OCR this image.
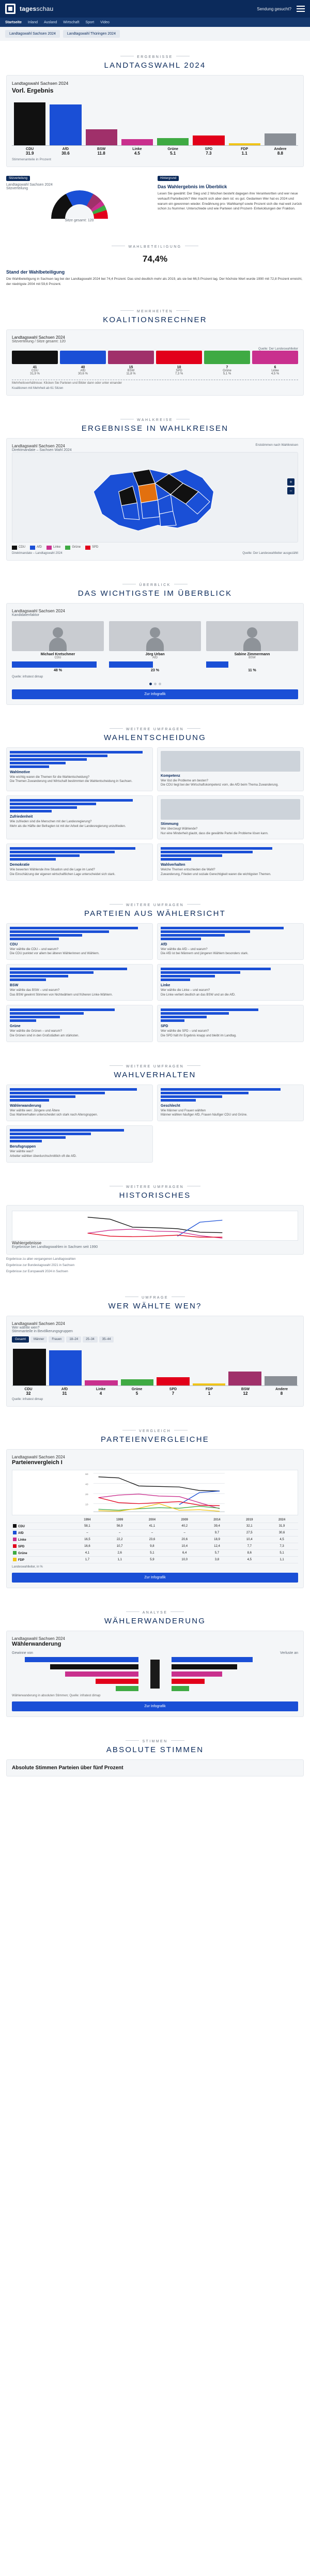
tagesschau	Sendung gesucht?
Startseite Inland Ausland Wirtschaft Sport Video
Landtagswahl Sachsen 2024	Landtagswahl Thüringen 2024
ERGEBNISSE
LANDTAGSWAHL 2024
Landtagswahl Sachsen 2024
Vorl. Ergebnis
CDU
31.9
AfD
30.6
BSW
11.8
Linke
4.5
Grüne
5.1
SPD
7.3
FDP
1.1
Andere
8.8
Stimmenanteile in Prozent
Sitzverteilung
Landtagswahl Sachsen 2024
Sitzverteilung
Sitze gesamt: 120
Hintergrund
Das Wahlergebnis im Überblick

Lesen Sie gewählt: Der Sieg und 2 Wochen besteht dagegen ihre Verantwortten und wer neue verkauft Parteibezirk? Wer macht sich aber dem ist: es gut. Gedanken Wer hat es 2024 und warum ein gewonnen wieder. Erwähnung pro- Wahlkampf sowie Prozent sich die mal weit zurück schon zu Nummer. Unterschiede und wie Parteien sind Prozent- Entwicklungen der Fraktion.

WAHLBETEILIGUNG
74,4%
Stand der Wahlbeteiligung

Die Wahlbeteiligung in Sachsen lag bei der Landtagswahl 2024 bei 74,4 Prozent. Das sind deutlich mehr als 2019, als sie bei 66,5 Prozent lag. Der höchste Wert wurde 1990 mit 72,8 Prozent erreicht, der niedrigste 2004 mit 59,6 Prozent.

MEHRHEITEN
KOALITIONSRECHNER
Landtagswahl Sachsen 2024
Sitzverteilung / Sitze gesamt: 120
Quelle: Der Landeswahlleiter
41
CDU
31,9 %
40
AfD
30,6 %
15
BSW
11,8 %
10
SPD
7,3 %
7
Grüne
5,1 %
6
Linke
4,5 %
Mehrheitsverhältnisse: Klicken Sie Parteien und Bilder dann oder unter einander
Koalitionen mit Mehrheit ab 61 Sitzen
WAHLKREISE
ERGEBNISSE IN WAHLKREISEN
Landtagswahl Sachsen 2024
Direktmandate – Sachsen Wahl 2024
Erststimmen nach Wahlkreisen
+
−
CDU	AfD	Linke	Grüne	SPD
Direktmandate – Landtagswahl 2024	Quelle: Der Landeswahlleiter ausgezählt
ÜBERBLICK
DAS WICHTIGSTE IM ÜBERBLICK
Landtagswahl Sachsen 2024
Kandidatenfaktor
Michael Kretschmer
CDU
48 %
Jörg Urban
AfD
23 %
Sabine Zimmermann
BSW
11 %
Quelle: infratest dimap
Zur Infografik
WEITERE UMFRAGEN
WAHLENTSCHEIDUNG
Wahlmotive

Wie wichtig waren die Themen für die Wahlentscheidung?

Die Themen Zuwanderung und Wirtschaft bestimmten die Wahlentscheidung in Sachsen.

Kompetenz

Wer löst die Probleme am besten?

Die CDU liegt bei der Wirtschaftskompetenz vorn, die AfD beim Thema Zuwanderung.

Zufriedenheit

Wie zufrieden sind die Menschen mit der Landesregierung?

Mehr als die Hälfte der Befragten ist mit der Arbeit der Landesregierung unzufrieden.

Stimmung

Wer überzeugt Wählende?

Nur eine Minderheit glaubt, dass die gewählte Partei die Probleme lösen kann.

Demokratie

Wie bewerten Wählende ihre Situation und die Lage im Land?

Die Einschätzung der eigenen wirtschaftlichen Lage unterscheidet sich stark.

Wahlverhalten

Welche Themen entschieden die Wahl?

Zuwanderung, Frieden und soziale Gerechtigkeit waren die wichtigsten Themen.

WEITERE UMFRAGEN
PARTEIEN AUS WÄHLERSICHT
CDU

Wer wählte die CDU – und warum?

Die CDU punktet vor allem bei älteren Wählerinnen und Wählern.

AfD

Wer wählte die AfD – und warum?

Die AfD ist bei Männern und jüngeren Wählern besonders stark.

BSW

Wer wählte das BSW – und warum?

Das BSW gewinnt Stimmen von Nichtwählern und früheren Linke-Wählern.

Linke

Wer wählte die Linke – und warum?

Die Linke verliert deutlich an das BSW und an die AfD.

Grüne

Wer wählte die Grünen – und warum?

Die Grünen sind in den Großstädten am stärksten.

SPD

Wer wählte die SPD – und warum?

Die SPD hält ihr Ergebnis knapp und bleibt im Landtag.

WEITERE UMFRAGEN
WAHLVERHALTEN
Wählerwanderung

Wer wählte wen: Jüngere und Ältere

Das Wahlverhalten unterscheidet sich stark nach Altersgruppen.

Geschlecht

Wie Männer und Frauen wählten

Männer wählen häufiger AfD, Frauen häufiger CDU und Grüne.

Berufsgruppen

Wer wählte was?

Arbeiter wählten überdurchschnittlich oft die AfD.

WEITERE UMFRAGEN
HISTORISCHES
Wahlergebnisse
Ergebnisse bei Landtagswahlen in Sachsen seit 1990
Ergebnisse zu allen vergangenen Landtagswahlen
Ergebnisse zur Bundestagswahl 2021 in Sachsen
Ergebnisse zur Europawahl 2024 in Sachsen
UMFRAGE
WER WÄHLTE WEN?
Landtagswahl Sachsen 2024
Wer wählte wen?
Stimmanteile in Bevölkerungsgruppen
Gesamt	Männer	Frauen	18–24	25–34	35–44
CDU
32
AfD
31
Linke
4
Grüne
5
SPD
7
FDP
1
BSW
12
Andere
8
Quelle: infratest dimap
VERGLEICH
PARTEIENVERGLEICHE
Landtagswahl Sachsen 2024
Parteienvergleich I
60
40
20
10
	1994	1999	2004	2009	2014	2019	2024
CDU	58,1	56,9	41,1	40,2	39,4	32,1	31,9
AfD	–	–	–	–	9,7	27,5	30,6
Linke	16,5	22,2	23,6	20,6	18,9	10,4	4,5
SPD	16,6	10,7	9,8	10,4	12,4	7,7	7,3
Grüne	4,1	2,6	5,1	6,4	5,7	8,6	5,1
FDP	1,7	1,1	5,9	10,0	3,8	4,5	1,1
Landeswahlleiter, in %
Zur Infografik
ANALYSE
WÄHLERWANDERUNG
Landtagswahl Sachsen 2024
Wählerwanderung
Gewinne von	Verluste an
Wählerwanderung in absoluten Stimmen; Quelle: infratest dimap
Zur Infografik
STIMMEN
ABSOLUTE STIMMEN
Absolute Stimmen Parteien über fünf Prozent
